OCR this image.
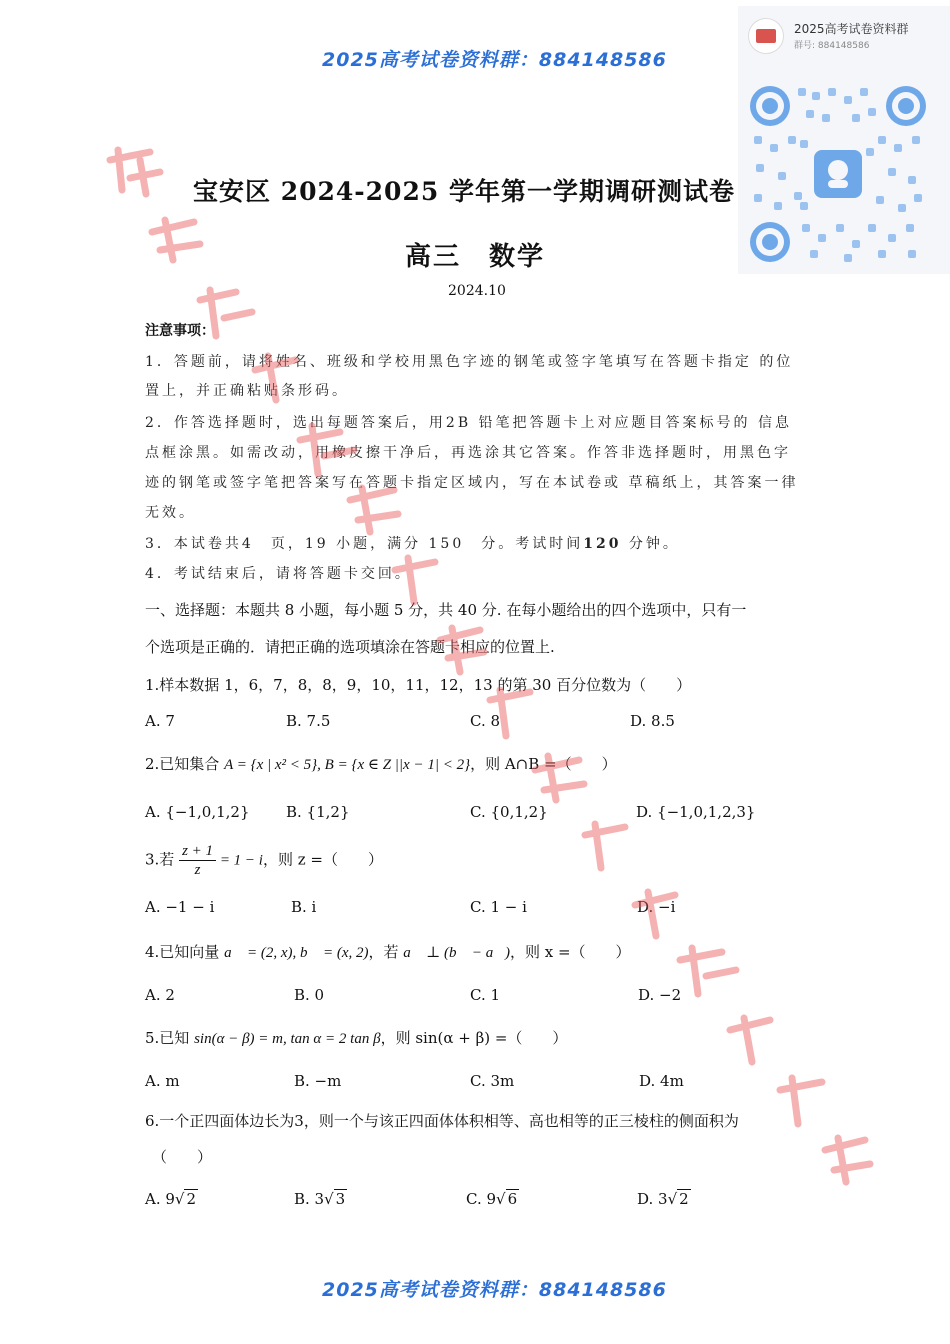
2025高考试卷资料群：884148586
2025高考试卷资料群
群号: 884148586
宝安区 2024-2025 学年第一学期调研测试卷
高三　数学
2024.10
注意事项：
1．答题前，请将姓名、班级和学校用黑色字迹的钢笔或签字笔填写在答题卡指定 的位
置上，并正确粘贴条形码。
2．作答选择题时，选出每题答案后，用2B 铅笔把答题卡上对应题目答案标号的 信息
点框涂黑。如需改动，用橡皮擦干净后，再选涂其它答案。作答非选择题时，用黑色字
迹的钢笔或签字笔把答案写在答题卡指定区域内，写在本试卷或 草稿纸上，其答案一律
无效。
3．本试卷共4　页，19 小题，满分 150　分。考试时间120 分钟。
4．考试结束后，请将答题卡交回。
一、选择题：本题共 8 小题，每小题 5 分，共 40 分. 在每小题给出的四个选项中，只有一
个选项是正确的．请把正确的选项填涂在答题卡相应的位置上.
1.样本数据 1，6，7，8，8，9，10，11，12，13 的第 30 百分位数为（　　）
A. 7	B. 7.5	C. 8	D. 8.5
2.已知集合 A = {x | x² < 5}, B = {x ∈ Z ||x − 1| < 2}，则 A∩B =（　　）
A. {−1,0,1,2} B. {1,2}	C. {0,1,2}	D. {−1,0,1,2,3}
3.若 $\frac{z + 1}{z} = 1 - i$，则 z =（　　）
A. −1 − i	B. i	C. 1 − i	D. −i
4.已知向量 a⃗ = (2, x), b⃗ = (x, 2)，若 a⃗ ⊥ (b⃗ − a⃗)，则 x =（　　）
A. 2	B. 0	C. 1	D. −2
5.已知 sin(α − β) = m, tan α = 2 tan β，则 sin(α + β) =（　　）
A. m	B. −m	C. 3m	D. 4m
6.一个正四面体边长为3，则一个与该正四面体体积相等、高也相等的正三棱柱的侧面积为
（　　）
A. 9√ 2	B. 3√ 3	C. 9√ 6	D. 3√ 2
2025高考试卷资料群：884148586
